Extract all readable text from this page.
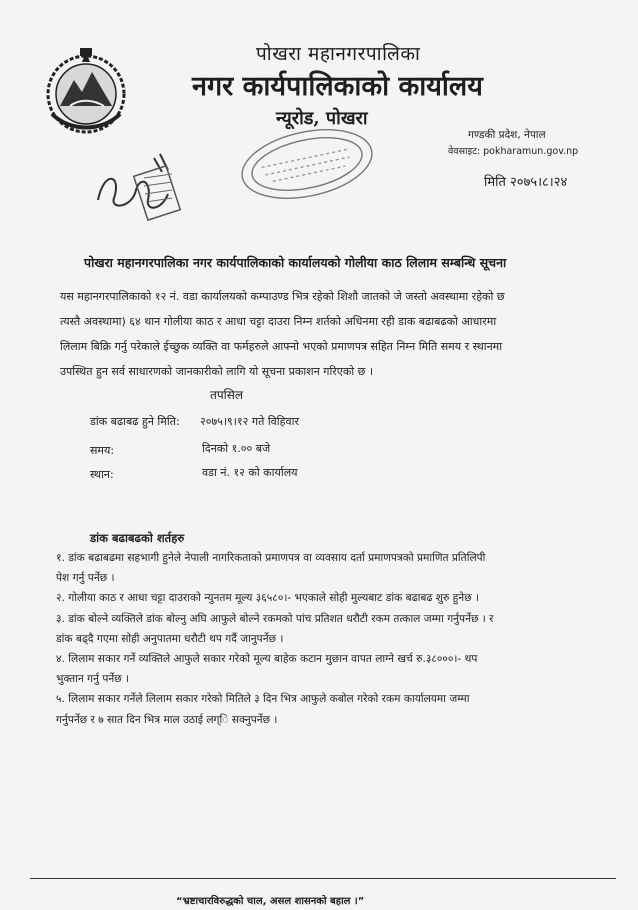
पोखरा महानगरपालिका
नगर कार्यपालिकाको कार्यालय
न्यूरोड, पोखरा
गण्डकी प्रदेश, नेपाल
वेवसाइट: pokharamun.gov.np
मिति २०७५।८।२४
पोखरा महानगरपालिका नगर कार्यपालिकाको कार्यालयको गोलीया काठ लिलाम सम्बन्धि सूचना
यस महानगरपालिकाको १२ नं. वडा कार्यालयको कम्पाउण्ड भित्र रहेको शिशौ जातको जे जस्तो अवस्थामा रहेको छ
त्यस्तै अवस्थामा) ६४ थान गोलीया काठ र आधा चट्टा दाउरा निम्न शर्तको अधिनमा रही डाक बढाबढको आधारमा
लिलाम बिक्रि गर्नु परेकाले ईच्छुक व्यक्ति वा फर्महरुले आफ्नो भएको प्रमाणपत्र सहित निम्न मिति समय र स्थानमा
उपस्थित हुन सर्व साधारणको जानकारीको लागि यो सूचना प्रकाशन गरिएको छ ।
तपसिल
डांक बढाबढ हुने मिति: २०७५।९।१२ गते विहिवार
समय:	दिनको १.०० बजे
स्थान:	वडा नं. १२ को कार्यालय
डांक बढाबढको शर्तहरु
१. डांक बढाबढमा सहभागी हुनेले नेपाली नागरिकताको प्रमाणपत्र वा व्यवसाय दर्ता प्रमाणपत्रको प्रमाणित प्रतिलिपी
पेश गर्नु पर्नेछ ।
२. गोलीया काठ र आधा चट्टा दाउराको न्युनतम मूल्य ३६५८०।- भएकाले सोही मुल्यबाट डांक बढाबढ शुरु हुनेछ ।
३. डांक बोल्ने व्यक्तिले डांक बोल्नु अघि आफुले बोल्ने रकमको पांच प्रतिशत धरौटी रकम तत्काल जम्मा गर्नुपर्नेछ । र
डांक बढ्दै गएमा सोही अनुपातमा धरौटी थप गर्दै जानुपर्नेछ ।
४. लिलाम सकार गर्ने व्यक्तिले आफुले सकार गरेको मूल्य बाहेक कटान मुछान वापत लाग्ने खर्च रु.३८०००।- थप
भुक्तान गर्नु पर्नेछ ।
५. लिलाम सकार गर्नेले लिलाम सकार गरेको मितिले ३ दिन भित्र आफुले कबोल गरेको रकम कार्यालयमा जम्मा
गर्नुपर्नेछ र ७ सात दिन भित्र माल उठाई लग्ि सक्नुपर्नेछ ।
“भ्रष्टाचारविरुद्धको चाल, असल शासनको बहाल ।”
